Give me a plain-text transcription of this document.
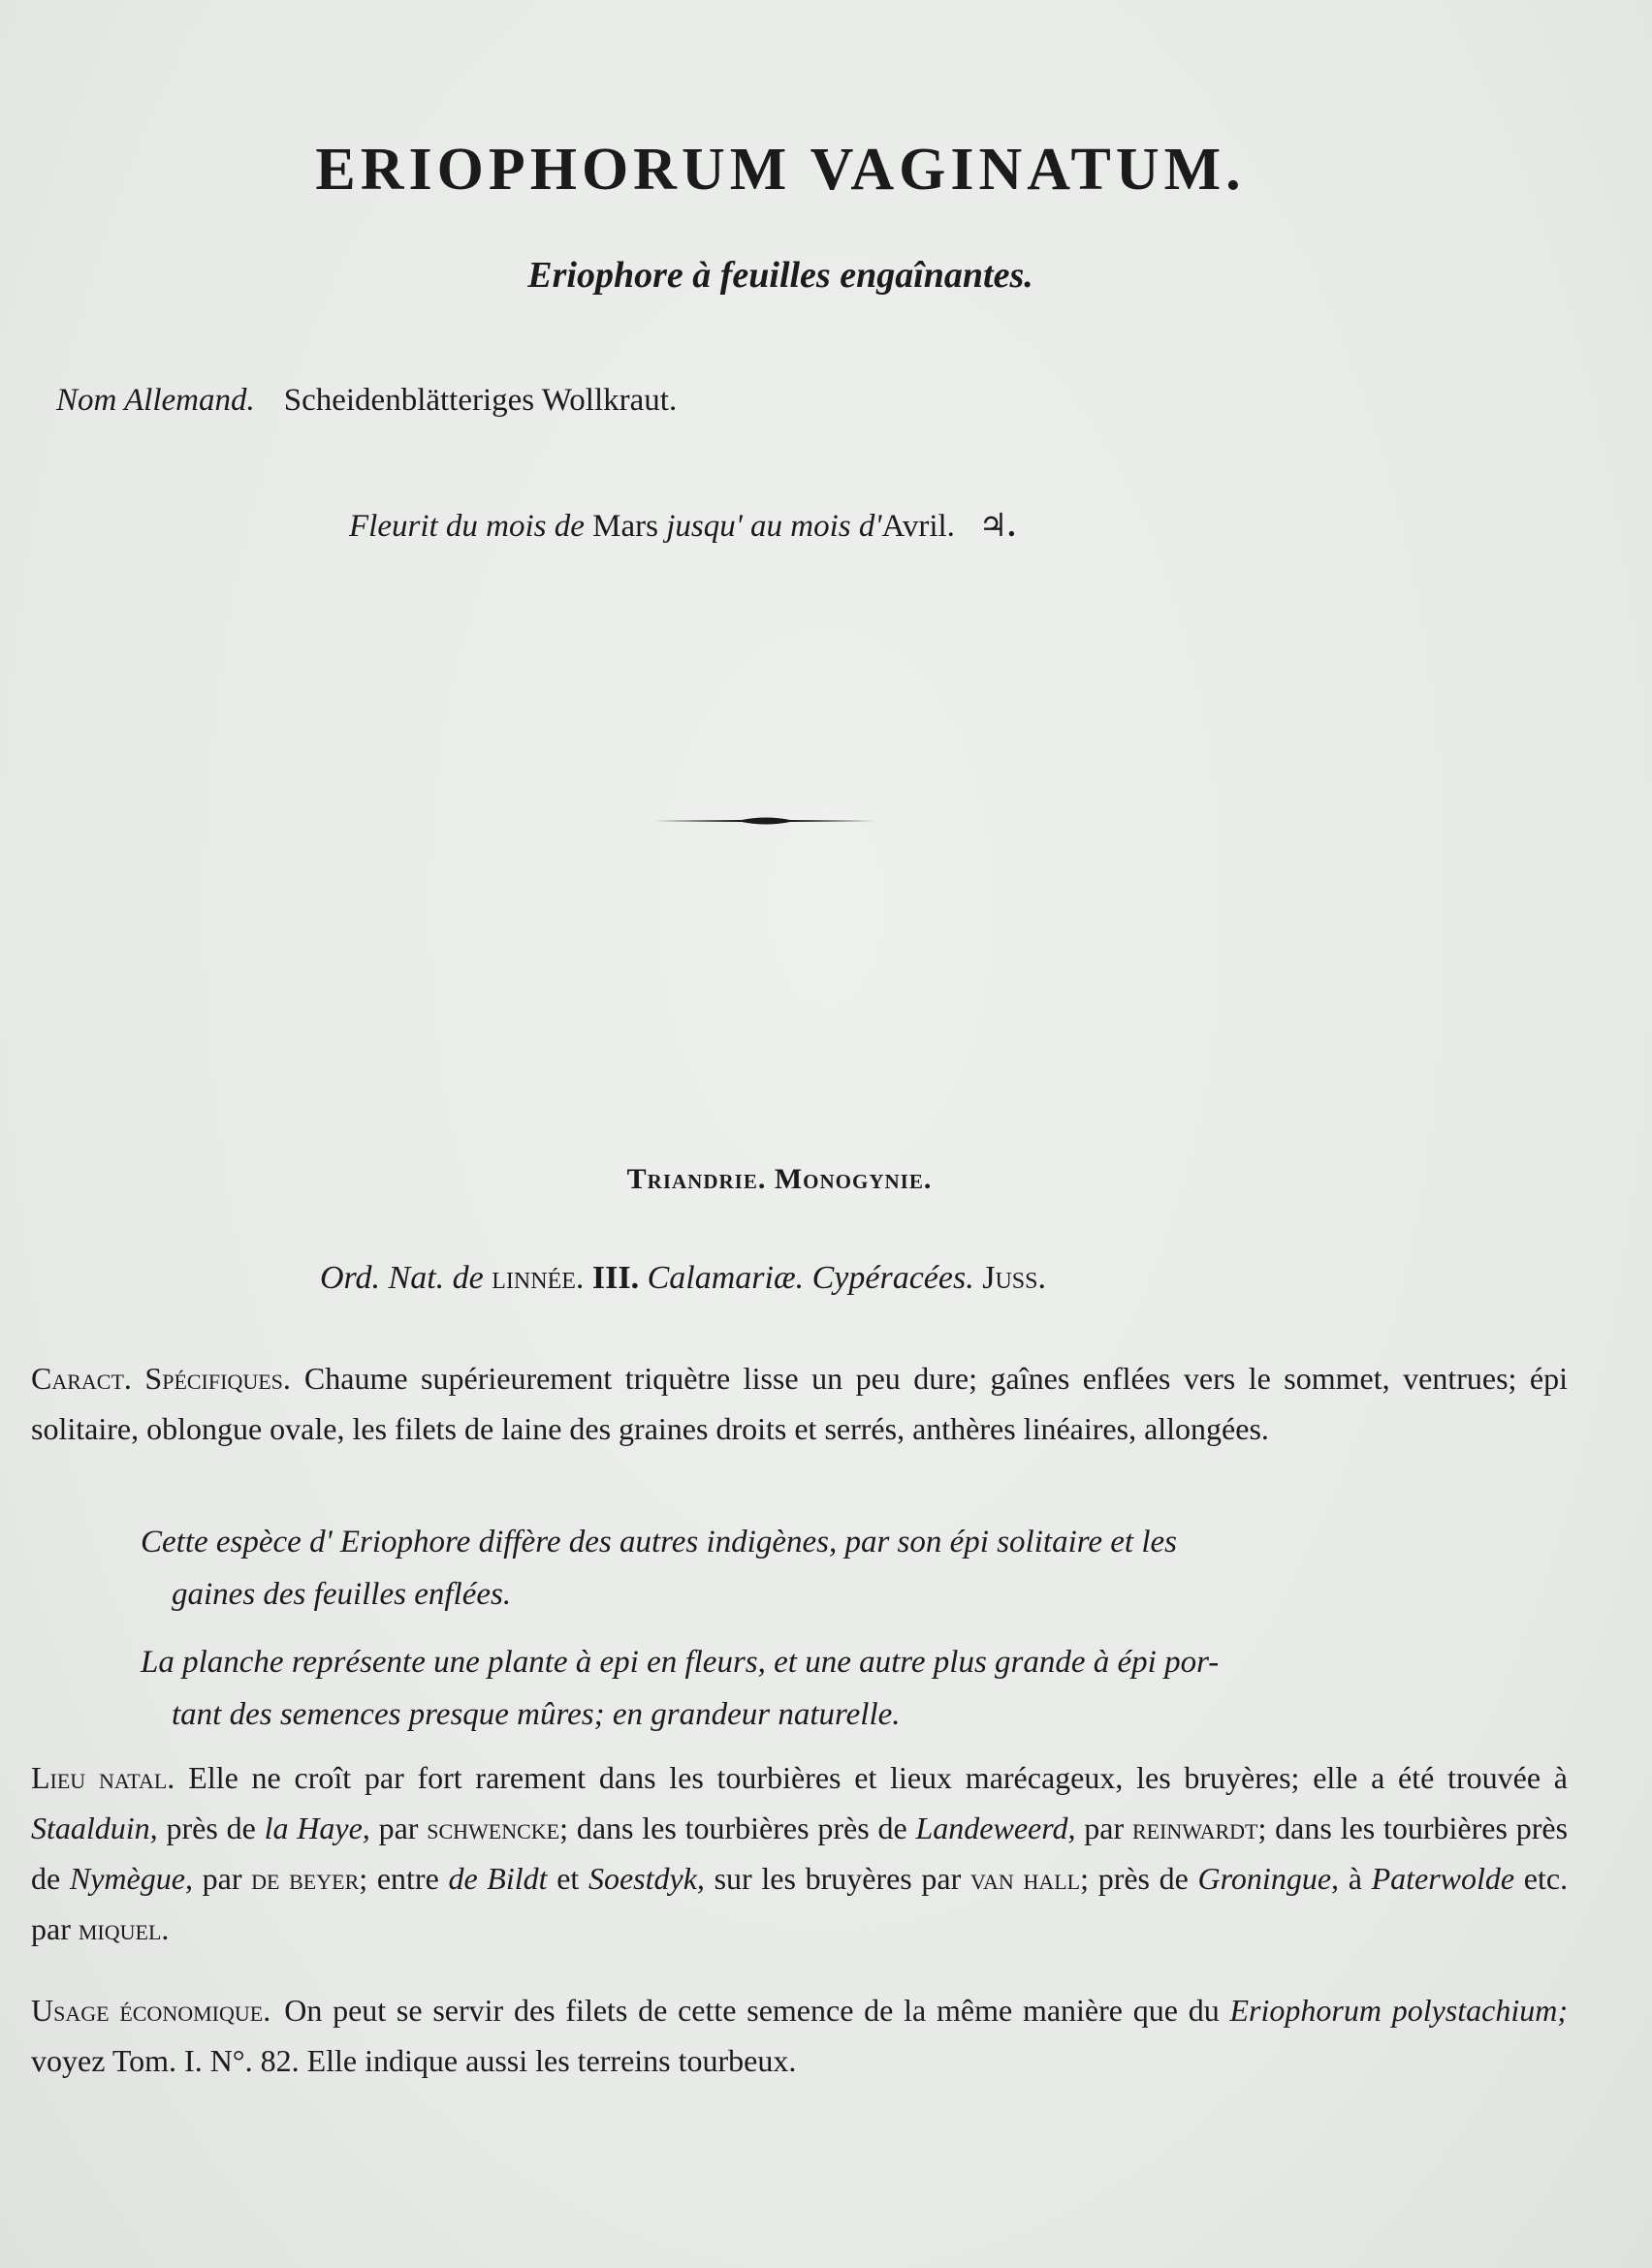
ERIOPHORUM VAGINATUM.
Eriophore à feuilles engaînantes.
Nom Allemand. Scheidenblätteriges Wollkraut.
Fleurit du mois de Mars jusqu' au mois d'Avril. ♃.
Triandrie. Monogynie.
Ord. Nat. de linnée. III. Calamariæ. Cypéracées. Juss.
Caract. Spécifiques. Chaume supérieurement triquètre lisse un peu dure; gaînes enflées vers le sommet, ventrues; épi solitaire, oblongue ovale, les filets de laine des graines droits et serrés, anthères linéaires, allongées.
Cette espèce d' Eriophore diffère des autres indigènes, par son épi solitaire et les
gaines des feuilles enflées.
La planche représente une plante à epi en fleurs, et une autre plus grande à épi por-
tant des semences presque mûres; en grandeur naturelle.
Lieu natal. Elle ne croît par fort rarement dans les tourbières et lieux marécageux, les bruyères; elle a été trouvée à Staalduin, près de la Haye, par schwencke; dans les tourbières près de Landeweerd, par reinwardt; dans les tourbières près de Nymègue, par de beyer; entre de Bildt et Soestdyk, sur les bruyères par van hall; près de Groningue, à Paterwolde etc. par miquel.
Usage économique. On peut se servir des filets de cette semence de la même manière que du Eriophorum polystachium; voyez Tom. I. N°. 82. Elle indique aussi les terreins tourbeux.
